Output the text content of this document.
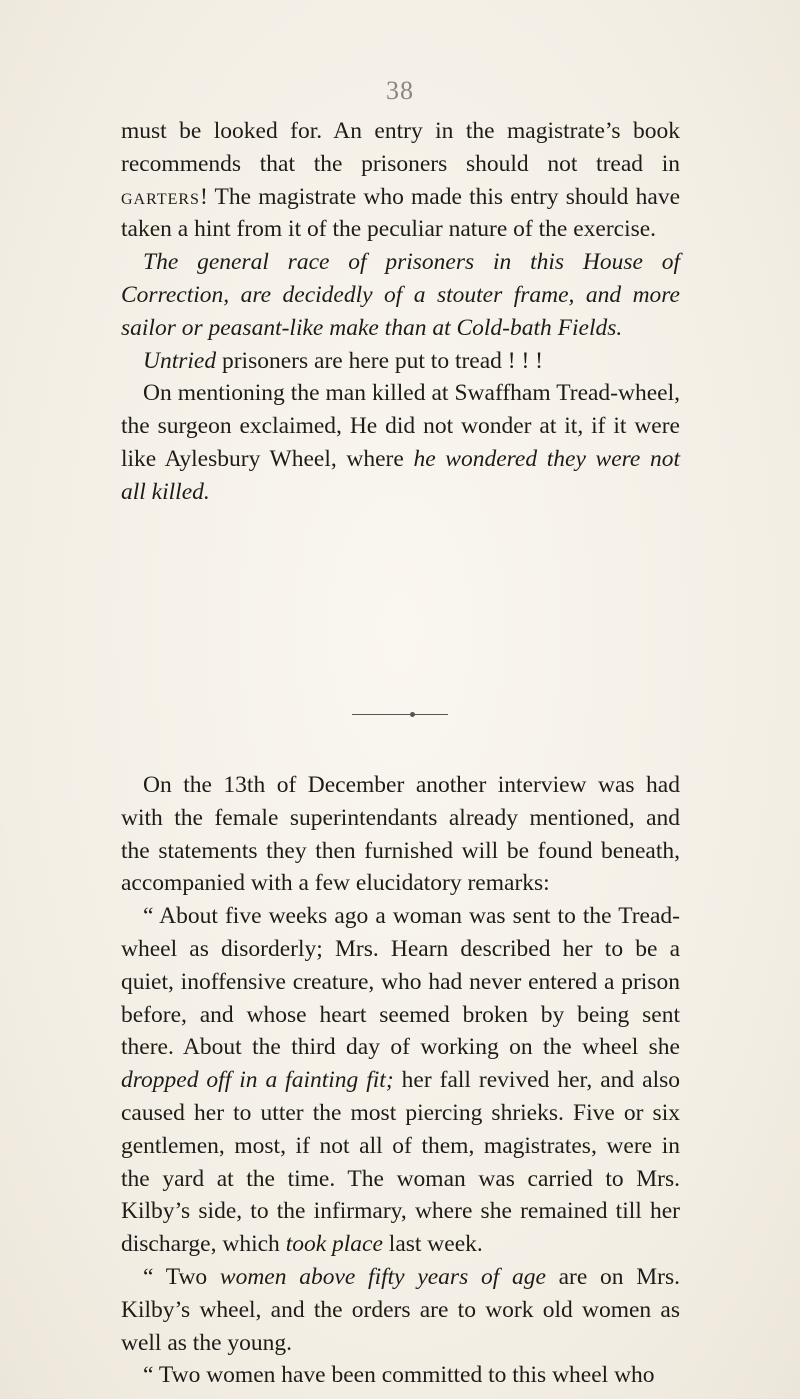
38

must be looked for. An entry in the magistrate’s book recommends that the prisoners should not tread in garters! The magistrate who made this entry should have taken a hint from it of the peculiar nature of the exercise.

The general race of prisoners in this House of Correction, are decidedly of a stouter frame, and more sailor or peasant-like make than at Cold-bath Fields.

Untried prisoners are here put to tread ! ! !

On mentioning the man killed at Swaffham Tread-wheel, the surgeon exclaimed, He did not wonder at it, if it were like Aylesbury Wheel, where he wondered they were not all killed.

On the 13th of December another interview was had with the female superintendants already mentioned, and the statements they then furnished will be found beneath, accompanied with a few elucidatory remarks:

“ About five weeks ago a woman was sent to the Tread-wheel as disorderly; Mrs. Hearn described her to be a quiet, inoffensive creature, who had never entered a prison before, and whose heart seemed broken by being sent there. About the third day of working on the wheel she dropped off in a fainting fit; her fall revived her, and also caused her to utter the most piercing shrieks. Five or six gentlemen, most, if not all of them, magistrates, were in the yard at the time. The woman was carried to Mrs. Kilby’s side, to the infirmary, where she remained till her discharge, which took place last week.

“ Two women above fifty years of age are on Mrs. Kilby’s wheel, and the orders are to work old women as well as the young.

“ Two women have been committed to this wheel who
